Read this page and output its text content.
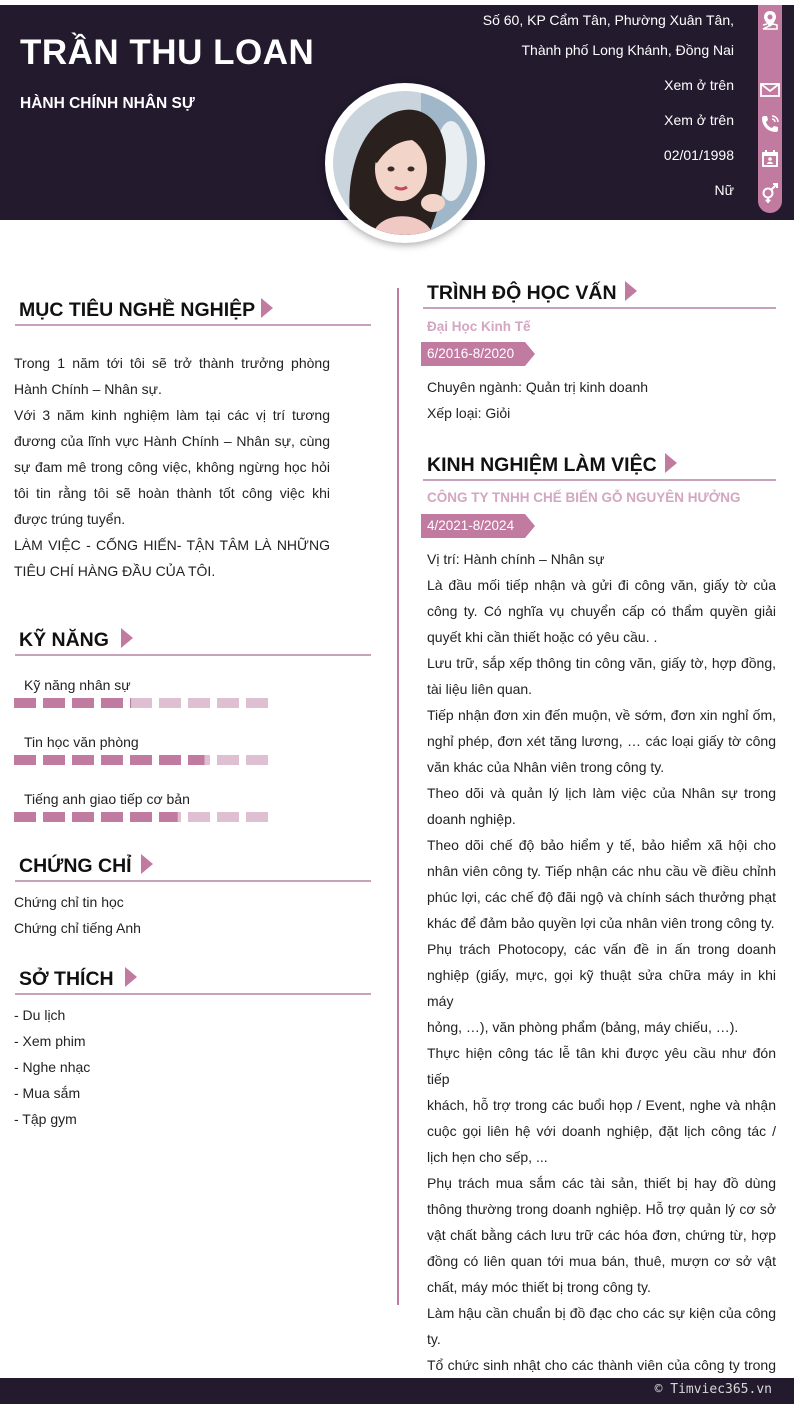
TRẦN THU LOAN
HÀNH CHÍNH NHÂN SỰ
Số 60, KP Cẩm Tân, Phường Xuân Tân,
Thành phố Long Khánh, Đồng Nai
Xem ở trên
Xem ở trên
02/01/1998
Nữ
MỤC TIÊU NGHỀ NGHIỆP
Trong 1 năm tới tôi sẽ trở thành trưởng phòng
Hành Chính – Nhân sự.
Với 3 năm kinh nghiệm làm tại các vị trí tương
đương của lĩnh vực Hành Chính – Nhân sự, cùng
sự đam mê trong công việc, không ngừng học hỏi
tôi tin rằng tôi sẽ hoàn thành tốt công việc khi
được trúng tuyển.
LÀM VIỆC - CỐNG HIẾN- TẬN TÂM LÀ NHỮNG
TIÊU CHÍ HÀNG ĐẦU CỦA TÔI.
KỸ NĂNG
Kỹ năng nhân sự
Tin học văn phòng
Tiếng anh giao tiếp cơ bản
CHỨNG CHỈ
Chứng chỉ tin học
Chứng chỉ tiếng Anh
SỞ THÍCH
- Du lịch
- Xem phim
- Nghe nhạc
- Mua sắm
- Tập gym
TRÌNH ĐỘ HỌC VẤN
Đại Học Kinh Tế
6/2016-8/2020
Chuyên ngành: Quản trị kinh doanh
Xếp loại: Giỏi
KINH NGHIỆM LÀM VIỆC
CÔNG TY TNHH CHẾ BIẾN GỖ NGUYÊN HƯỞNG
4/2021-8/2024
Vị trí: Hành chính – Nhân sự
Là đầu mối tiếp nhận và gửi đi công văn, giấy tờ của
công ty. Có nghĩa vụ chuyển cấp có thẩm quyền giải
quyết khi cần thiết hoặc có yêu cầu. .
Lưu trữ, sắp xếp thông tin công văn, giấy tờ, hợp đồng,
tài liệu liên quan.
Tiếp nhận đơn xin đến muộn, về sớm, đơn xin nghỉ ốm,
nghỉ phép, đơn xét tăng lương, … các loại giấy tờ công
văn khác của Nhân viên trong công ty.
Theo dõi và quản lý lịch làm việc của Nhân sự trong
doanh nghiệp.
Theo dõi chế độ bảo hiểm y tế, bảo hiểm xã hội cho
nhân viên công ty. Tiếp nhận các nhu cầu về điều chỉnh
phúc lợi, các chế độ đãi ngộ và chính sách thưởng phạt
khác để đảm bảo quyền lợi của nhân viên trong công ty.
Phụ trách Photocopy, các vấn đề in ấn trong doanh
nghiệp (giấy, mực, gọi kỹ thuật sửa chữa máy in khi máy
hỏng, …), văn phòng phẩm (bảng, máy chiếu, …).
Thực hiện công tác lễ tân khi được yêu cầu như đón tiếp
khách, hỗ trợ trong các buổi họp / Event, nghe và nhận
cuộc gọi liên hệ với doanh nghiệp, đặt lịch công tác /
lịch hẹn cho sếp, ...
Phụ trách mua sắm các tài sản, thiết bị hay đồ dùng
thông thường trong doanh nghiệp. Hỗ trợ quản lý cơ sở
vật chất bằng cách lưu trữ các hóa đơn, chứng từ, hợp
đồng có liên quan tới mua bán, thuê, mượn cơ sở vật
chất, máy móc thiết bị trong công ty.
Làm hậu cần chuẩn bị đồ đạc cho các sự kiện của công
ty.
Tổ chức sinh nhật cho các thành viên của công ty trong
© Timviec365.vn
